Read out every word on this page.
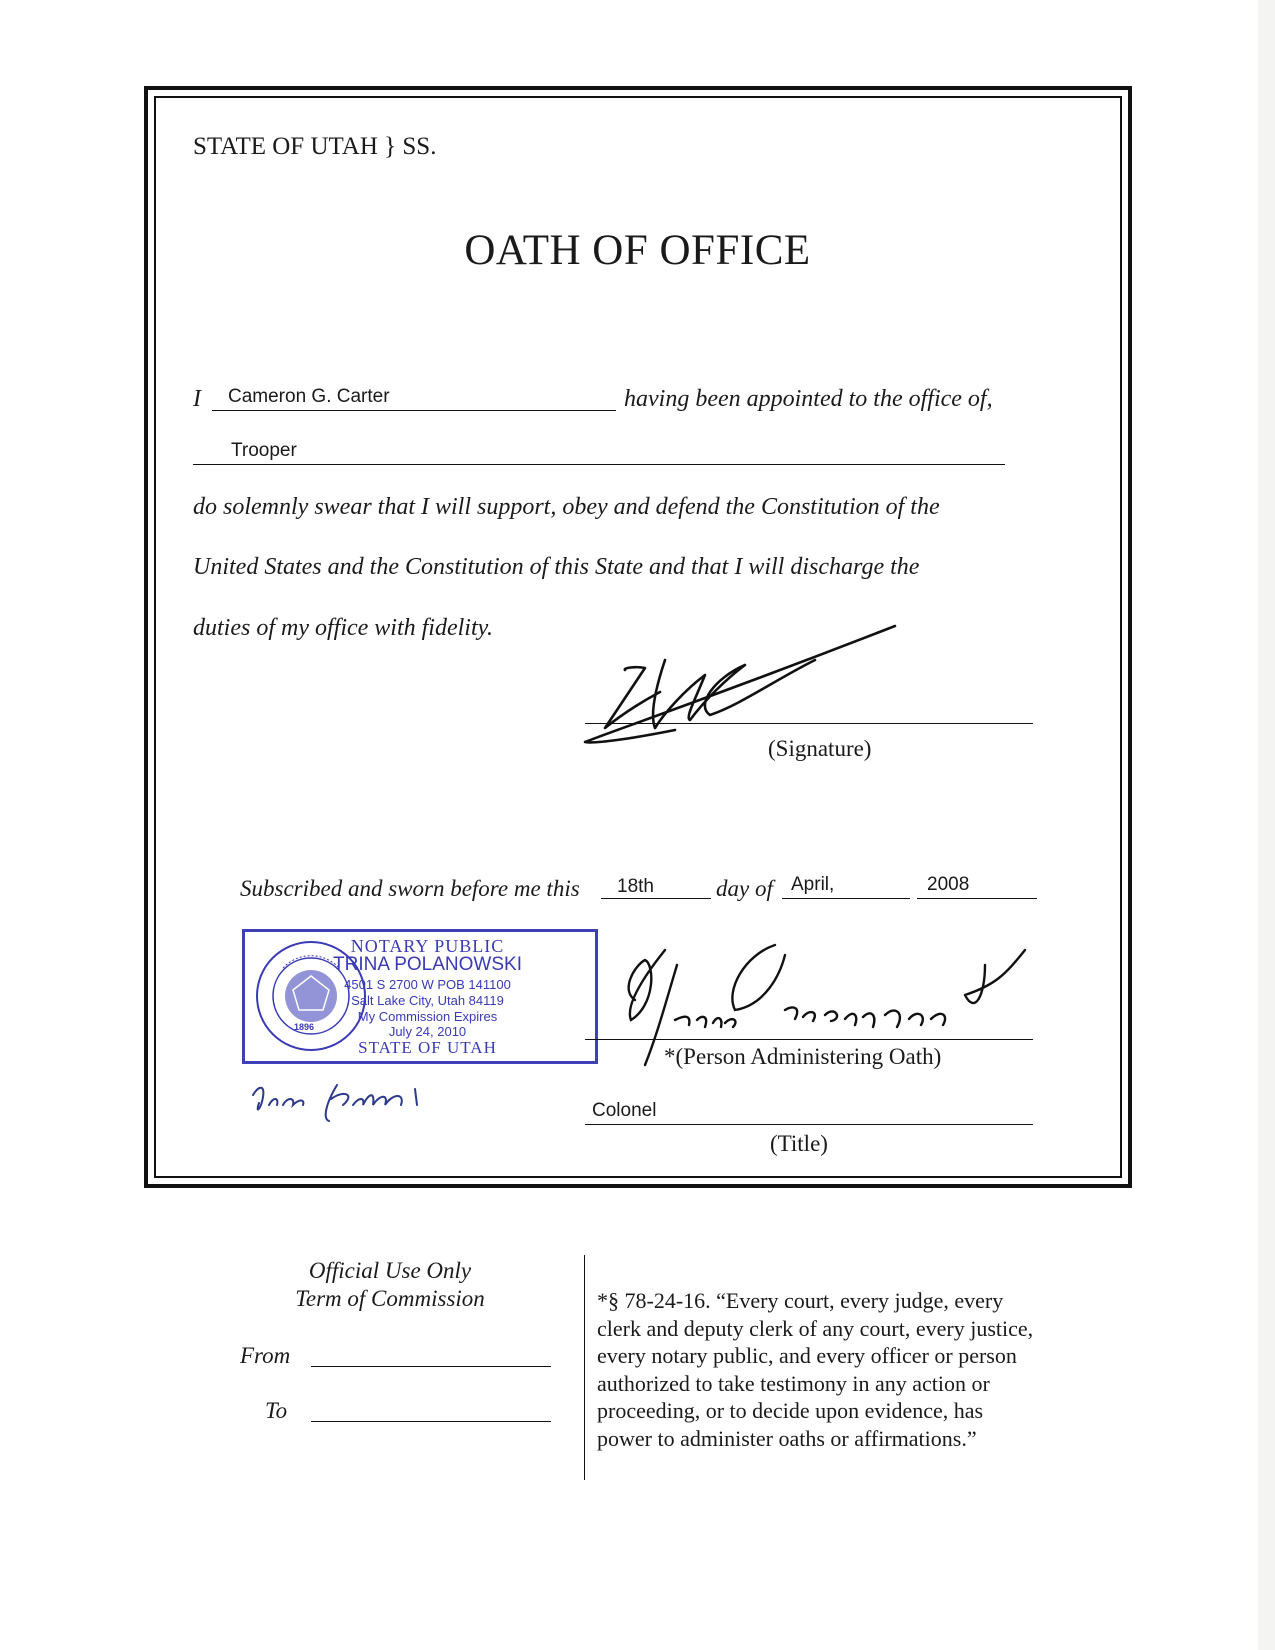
STATE OF UTAH } SS.
OATH OF OFFICE
I Cameron G. Carter	having been appointed to the office of,
Trooper
do solemnly swear that I will support, obey and defend the Constitution of the
United States and the Constitution of this State and that I will discharge the
duties of my office with fidelity.
(Signature)
Subscribed and sworn before me this 18th	day of April,	2008
1896
NOTARY PUBLIC
TRINA POLANOWSKI
4501 S 2700 W POB 141100
Salt Lake City, Utah 84119
My Commission Expires
July 24, 2010
STATE OF UTAH	*(Person Administering Oath)
Colonel
(Title)
Official Use Only
Term of Commission
From
To
*§ 78-24-16. “Every court, every judge, every
clerk and deputy clerk of any court, every justice,
every notary public, and every officer or person
authorized to take testimony in any action or
proceeding, or to decide upon evidence, has
power to administer oaths or affirmations.”
